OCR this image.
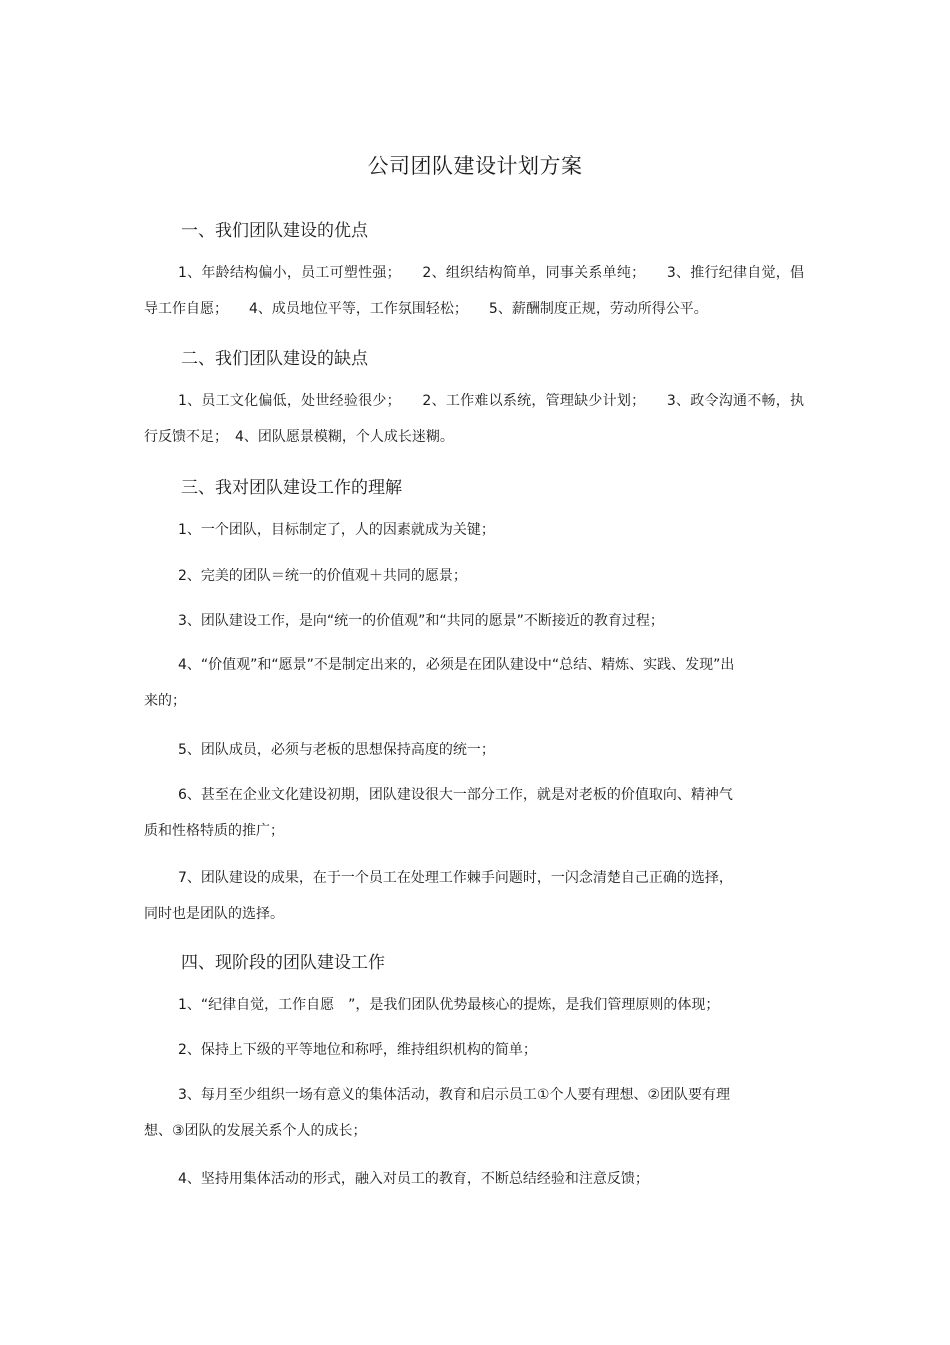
公司团队建设计划方案
一、我们团队建设的优点

1、年龄结构偏小，员工可塑性强；　　2、组织结构简单，同事关系单纯；　　3、推行纪律自觉，倡导工作自愿；　　4、成员地位平等，工作氛围轻松；　　5、薪酬制度正规，劳动所得公平。

二、我们团队建设的缺点

1、员工文化偏低，处世经验很少；　　2、工作难以系统，管理缺少计划；　　3、政令沟通不畅，执行反馈不足；　4、团队愿景模糊，个人成长迷糊。

三、我对团队建设工作的理解

1、一个团队，目标制定了，人的因素就成为关键；

2、完美的团队＝统一的价值观＋共同的愿景；

3、团队建设工作，是向“统一的价值观”和“共同的愿景”不断接近的教育过程；

4、“价值观”和“愿景”不是制定出来的，必须是在团队建设中“总结、精炼、实践、发现”出来的；

5、团队成员，必须与老板的思想保持高度的统一；

6、甚至在企业文化建设初期，团队建设很大一部分工作，就是对老板的价值取向、精神气质和性格特质的推广；

7、团队建设的成果，在于一个员工在处理工作棘手问题时，一闪念清楚自己正确的选择，同时也是团队的选择。

四、现阶段的团队建设工作

1、“纪律自觉，工作自愿　”，是我们团队优势最核心的提炼，是我们管理原则的体现；

2、保持上下级的平等地位和称呼，维持组织机构的简单；

3、每月至少组织一场有意义的集体活动，教育和启示员工①个人要有理想、②团队要有理想、③团队的发展关系个人的成长；

4、坚持用集体活动的形式，融入对员工的教育，不断总结经验和注意反馈；
